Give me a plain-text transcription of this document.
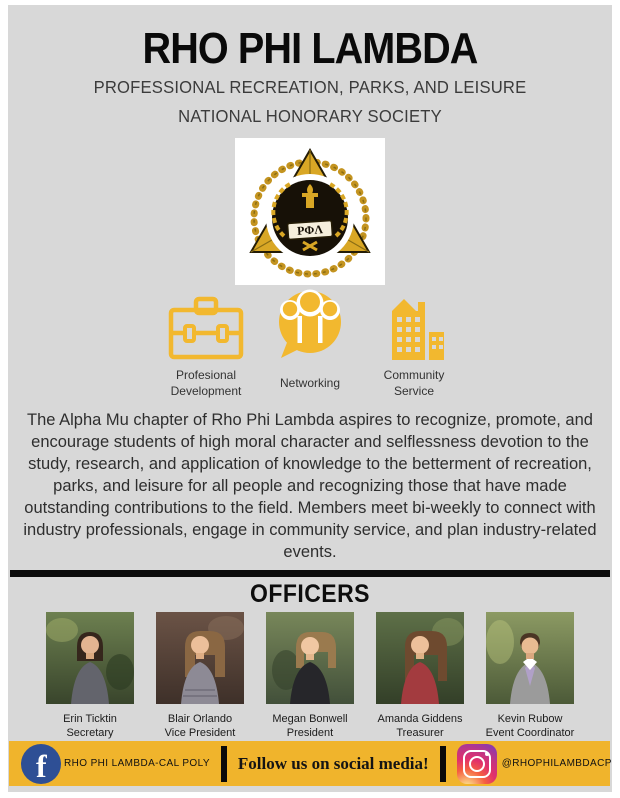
RHO PHI LAMBDA
PROFESSIONAL RECREATION, PARKS, AND LEISURE
NATIONAL HONORARY SOCIETY
ΡΦΛ
Profesional
Development
Networking
Community
Service

The Alpha Mu chapter of Rho Phi Lambda aspires to recognize, promote, and encourage students of high moral character and selflessness devotion to the study, research, and application of knowledge to the betterment of recreation, parks, and leisure for all people and recognizing those that have made outstanding contributions to the field. Members meet bi-weekly to connect with industry professionals, engage in community service, and plan industry-related events.

OFFICERS
Erin Ticktin
Secretary
Blair Orlando
Vice President
Megan Bonwell
President
Amanda Giddens
Treasurer
Kevin Rubow
Event Coordinator
f RHO PHI LAMBDA-CAL POLY Follow us on social media!	@RHOPHILAMBDACP
